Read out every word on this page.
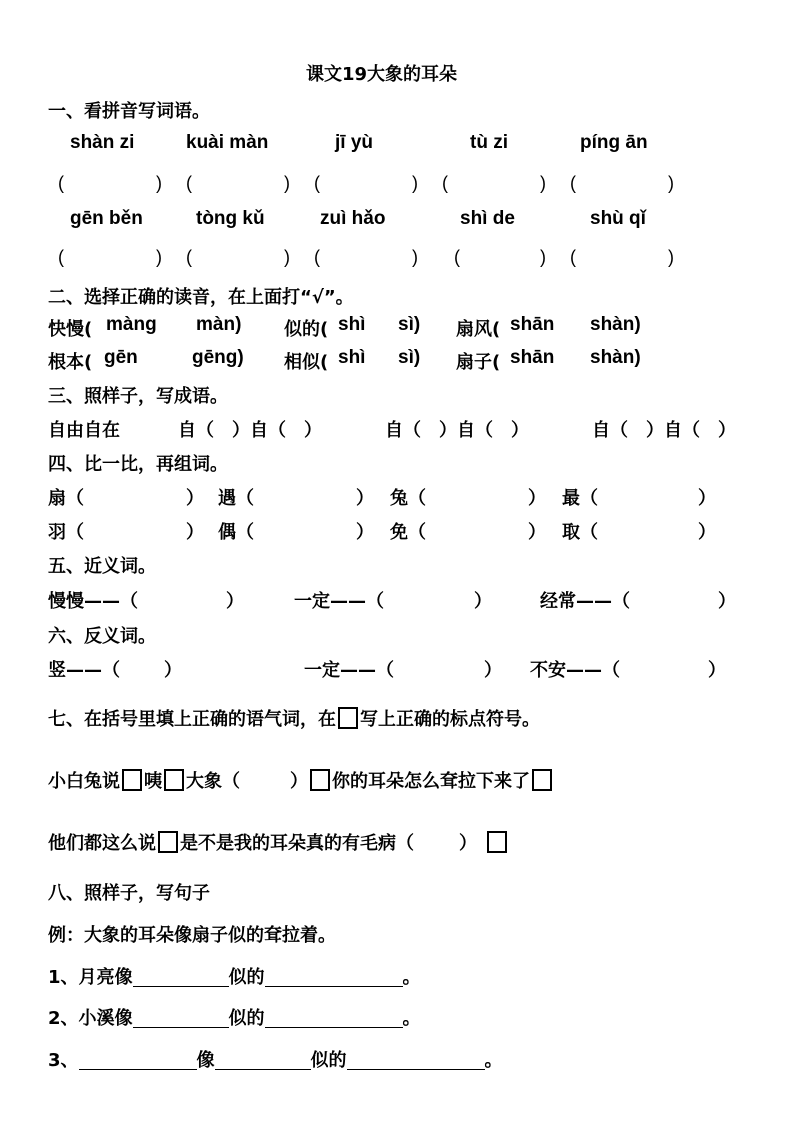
课文19大象的耳朵
一、看拼音写词语。
shàn zi	kuài màn	jī yù	tù zi	píng ān
(	) (	) (	) (	) (	)
gēn běn	tòng kǔ	zuì hǎo	shì de	shù qǐ
(	) (	) (	) (	) (	)
二、选择正确的读音，在上面打“√”。
快慢( màng màn) 似的( shì sì) 扇风( shān shàn)
根本( gēn	gēng) 相似( shì sì) 扇子( shān shàn)
三、照样子，写成语。
自由自在	自（　）自（　）	自（　）自（　）	自（　）自（　）
四、比一比，再组词。
扇（	） 遇（	） 兔（	） 最（	）
羽（	） 偶（	） 免（	） 取（	）
五、近义词。
慢慢——（	）	一定——（	）	经常——（	）
六、反义词。
竖——（ ）	一定——（	） 不安——（	）
七、在括号里填上正确的语气词，在 写上正确的标点符号。
小白兔说 咦 大象（	） 你的耳朵怎么耷拉下来了
他们都这么说 是不是我的耳朵真的有毛病（	）
八、照样子，写句子
例：大象的耳朵像扇子似的耷拉着。
1、月亮像	似的	。
2、小溪像	似的	。
3、	像	似的	。
